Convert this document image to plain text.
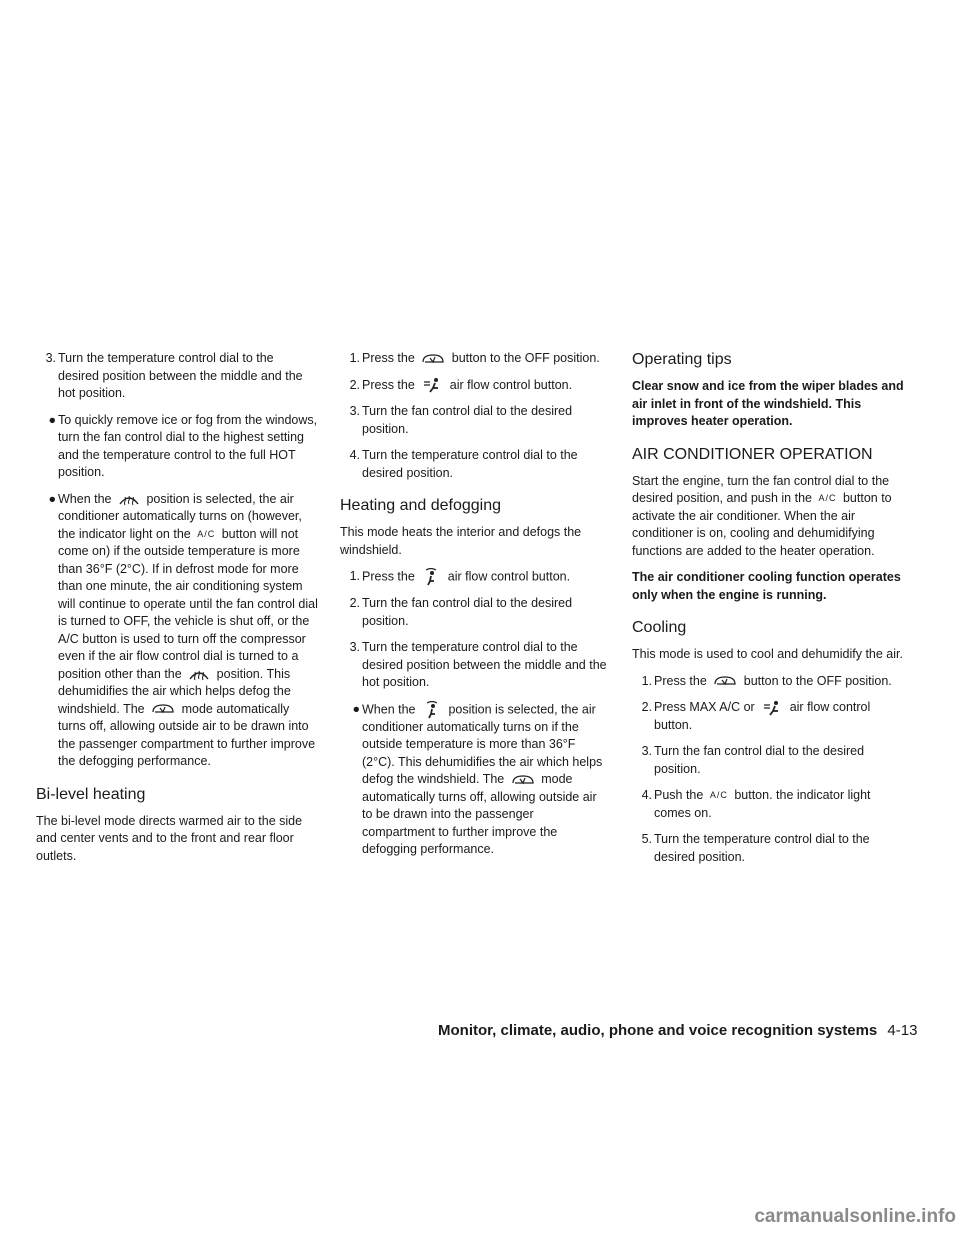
3. Turn the temperature control dial to the desired position between the middle and the hot position.
● To quickly remove ice or fog from the windows, turn the fan control dial to the highest setting and the temperature control to the full HOT position.
● When the	position is selected, the air conditioner automatically turns on (however, the indicator light on the A/C button will not come on) if the outside temperature is more than 36°F (2°C). If in defrost mode for more than one minute, the air conditioning system will continue to operate until the fan control dial is turned to OFF, the vehicle is shut off, or the A/C button is used to turn off the compressor even if the air flow control dial is turned to a position other than the	position. This dehumidifies the air which helps defog the windshield. The	mode automatically turns off, allowing outside air to be drawn into the passenger compartment to further improve the defogging performance.
Bi-level heating

The bi-level mode directs warmed air to the side and center vents and to the front and rear floor outlets.

1. Press the	button to the OFF position.
2. Press the	air flow control button.
3. Turn the fan control dial to the desired position.
4. Turn the temperature control dial to the desired position.
Heating and defogging

This mode heats the interior and defogs the windshield.

1. Press the	air flow control button.
2. Turn the fan control dial to the desired position.
3. Turn the temperature control dial to the desired position between the middle and the hot position.
● When the	position is selected, the air conditioner automatically turns on if the outside temperature is more than 36°F (2°C). This dehumidifies the air which helps defog the windshield. The	mode automatically turns off, allowing outside air to be drawn into the passenger compartment to further improve the defogging performance.
Operating tips

Clear snow and ice from the wiper blades and air inlet in front of the windshield. This improves heater operation.

AIR CONDITIONER OPERATION

Start the engine, turn the fan control dial to the desired position, and push in the A/C button to activate the air conditioner. When the air conditioner is on, cooling and dehumidifying functions are added to the heater operation.

The air conditioner cooling function operates only when the engine is running.

Cooling

This mode is used to cool and dehumidify the air.

1. Press the	button to the OFF position.
2. Press MAX A/C or	air flow control button.
3. Turn the fan control dial to the desired position.
4. Push the A/C button. the indicator light comes on.
5. Turn the temperature control dial to the desired position.
Monitor, climate, audio, phone and voice recognition systems 4-13
carmanualsonline.info
